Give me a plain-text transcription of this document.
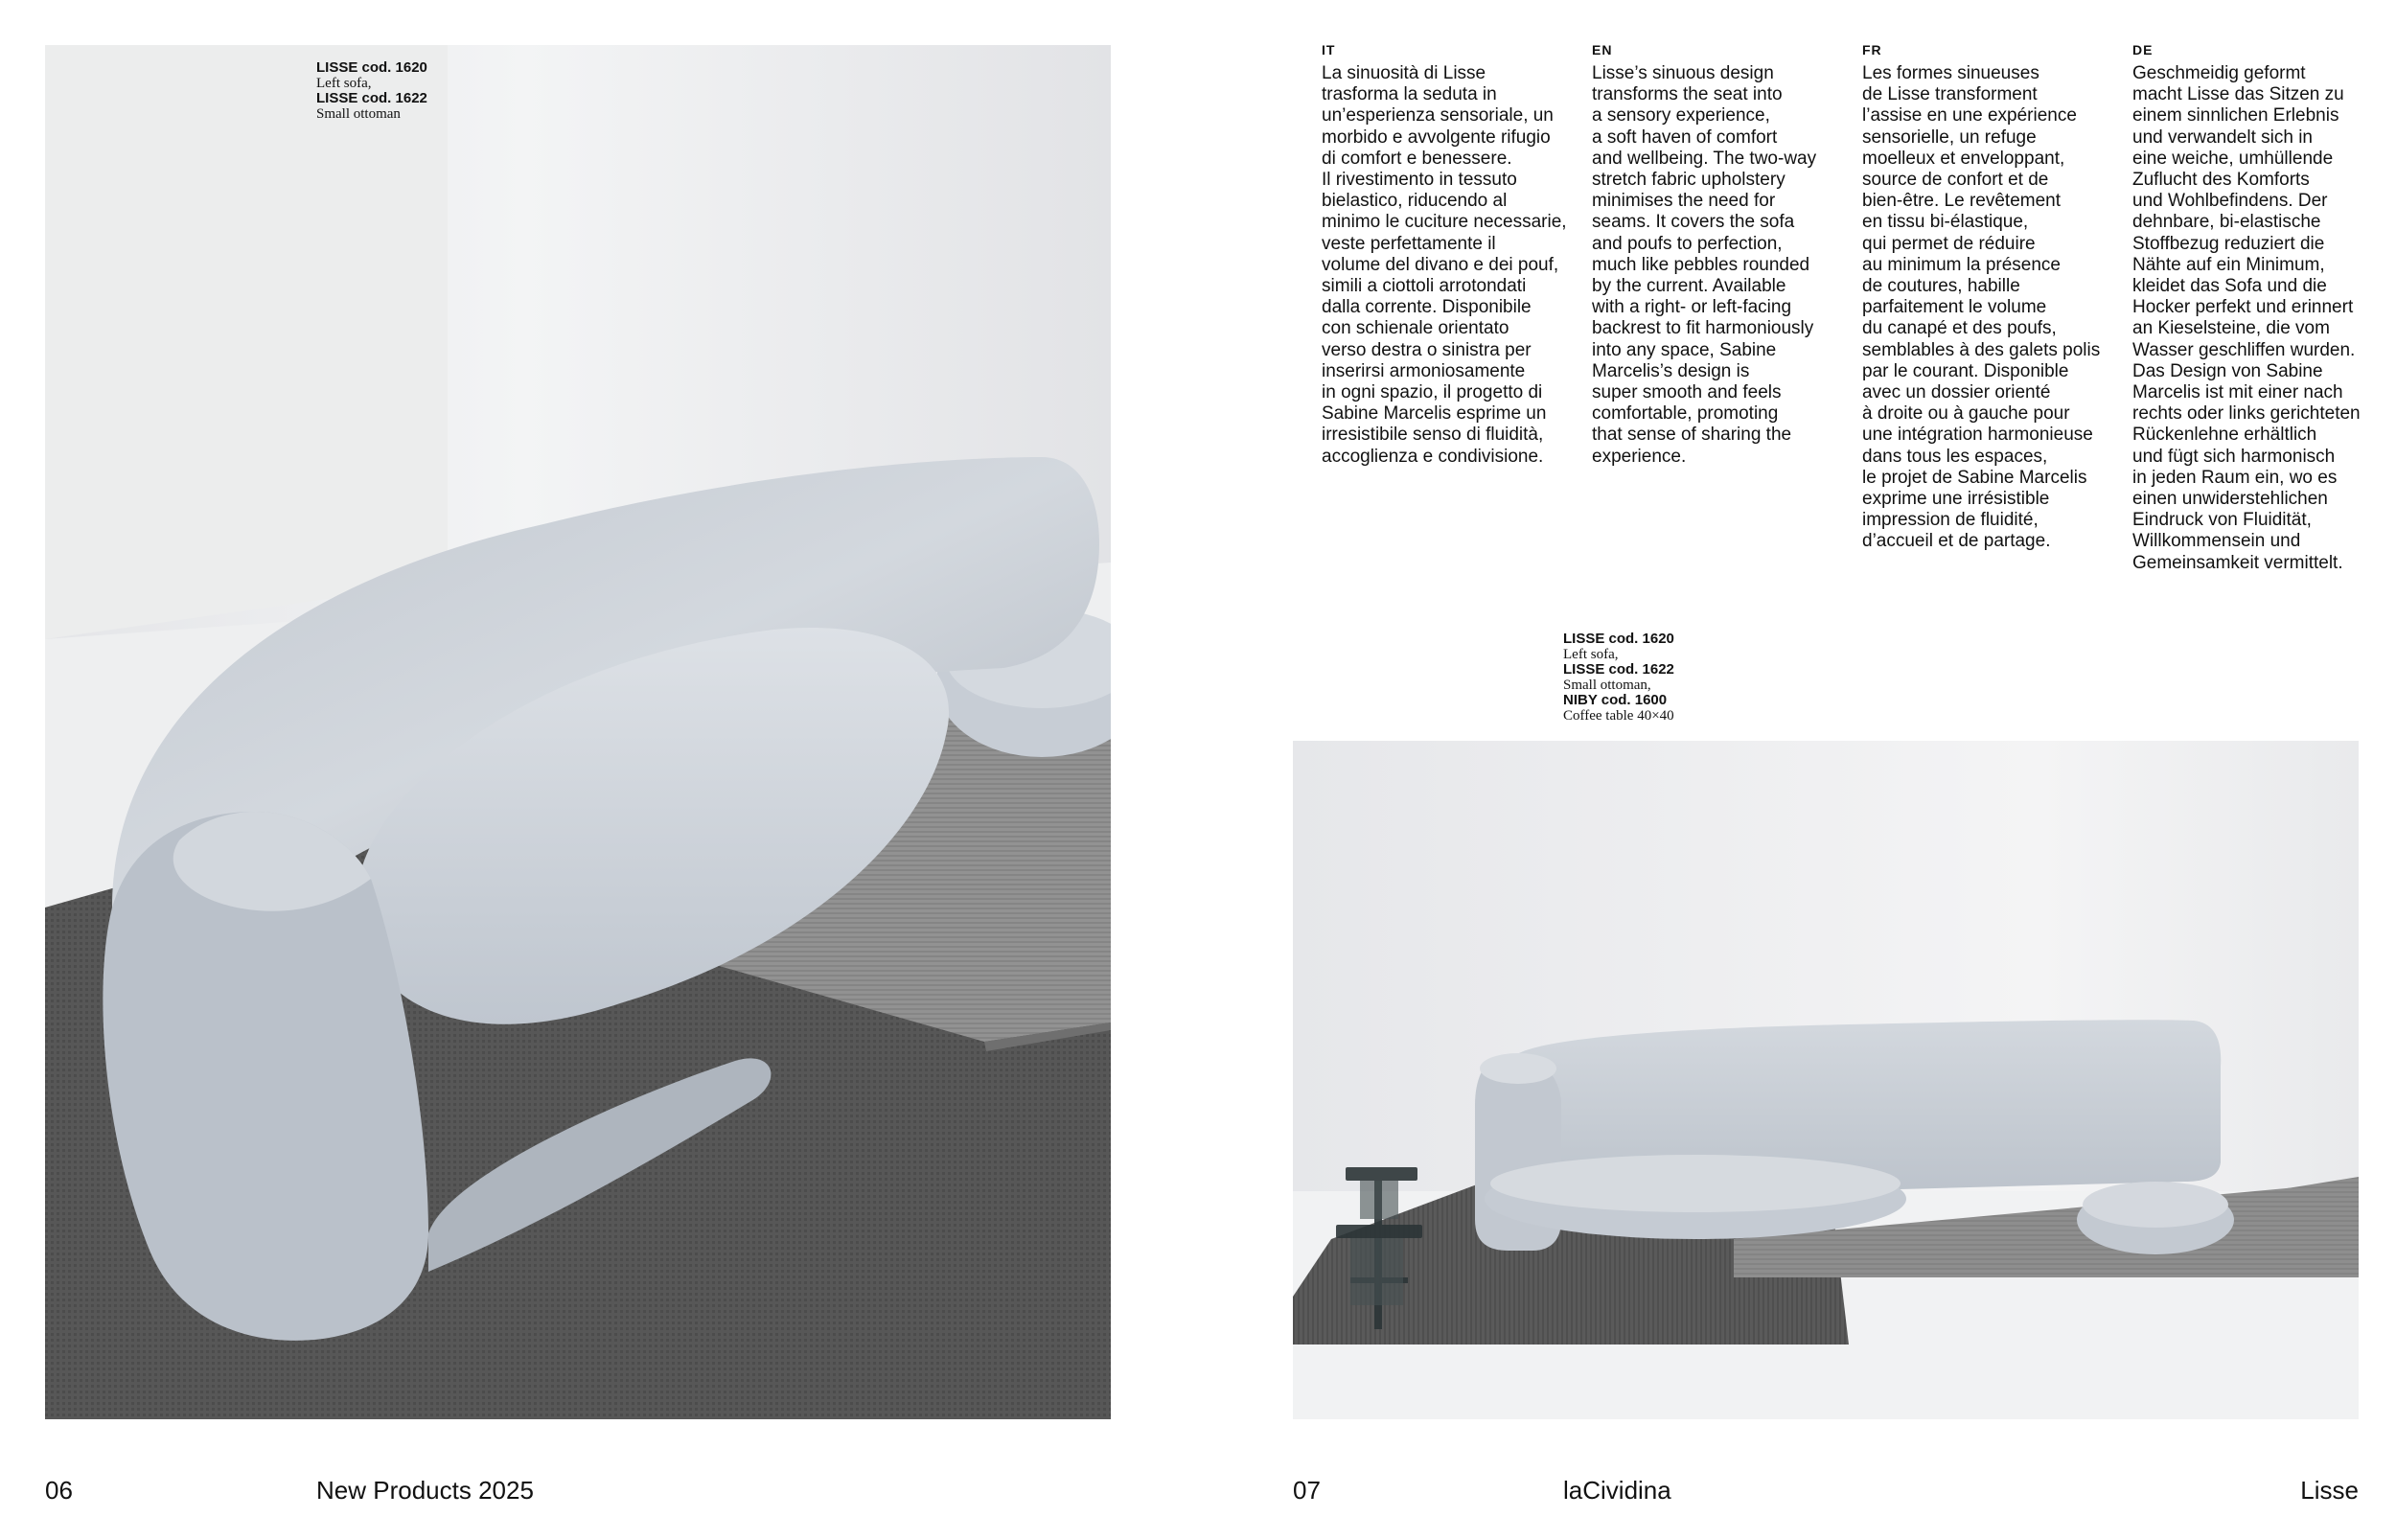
LISSE cod. 1620
Left sofa,
LISSE cod. 1622
Small ottoman
IT
La sinuosità di Lisse
trasforma la seduta in
un’esperienza sensoriale, un
morbido e avvolgente rifugio
di comfort e benessere.
Il rivestimento in tessuto
bielastico, riducendo al
minimo le cuciture necessarie,
veste perfettamente il
volume del divano e dei pouf,
simili a ciottoli arrotondati
dalla corrente. Disponibile
con schienale orientato
verso destra o sinistra per
inserirsi armoniosamente
in ogni spazio, il progetto di
Sabine Marcelis esprime un
irresistibile senso di fluidità,
accoglienza e condivisione.
EN
Lisse’s sinuous design
transforms the seat into
a sensory experience,
a soft haven of comfort
and wellbeing. The two-way
stretch fabric upholstery
minimises the need for
seams. It covers the sofa
and poufs to perfection,
much like pebbles rounded
by the current. Available
with a right- or left-facing
backrest to fit harmoniously
into any space, Sabine
Marcelis’s design is
super smooth and feels
comfortable, promoting
that sense of sharing the
experience.
FR
Les formes sinueuses
de Lisse transforment
l’assise en une expérience
sensorielle, un refuge
moelleux et enveloppant,
source de confort et de
bien-être. Le revêtement
en tissu bi-élastique,
qui permet de réduire
au minimum la présence
de coutures, habille
parfaitement le volume
du canapé et des poufs,
semblables à des galets polis
par le courant. Disponible
avec un dossier orienté
à droite ou à gauche pour
une intégration harmonieuse
dans tous les espaces,
le projet de Sabine Marcelis
exprime une irrésistible
impression de fluidité,
d’accueil et de partage.
DE
Geschmeidig geformt
macht Lisse das Sitzen zu
einem sinnlichen Erlebnis
und verwandelt sich in
eine weiche, umhüllende
Zuflucht des Komforts
und Wohlbefindens. Der
dehnbare, bi-elastische
Stoffbezug reduziert die
Nähte auf ein Minimum,
kleidet das Sofa und die
Hocker perfekt und erinnert
an Kieselsteine, die vom
Wasser geschliffen wurden.
Das Design von Sabine
Marcelis ist mit einer nach
rechts oder links gerichteten
Rückenlehne erhältlich
und fügt sich harmonisch
in jeden Raum ein, wo es
einen unwiderstehlichen
Eindruck von Fluidität,
Willkommensein und
Gemeinsamkeit vermittelt.
LISSE cod. 1620
Left sofa,
LISSE cod. 1622
Small ottoman,
NIBY cod. 1600
Coffee table 40×40
06	New Products 2025	07	laCividina	Lisse
